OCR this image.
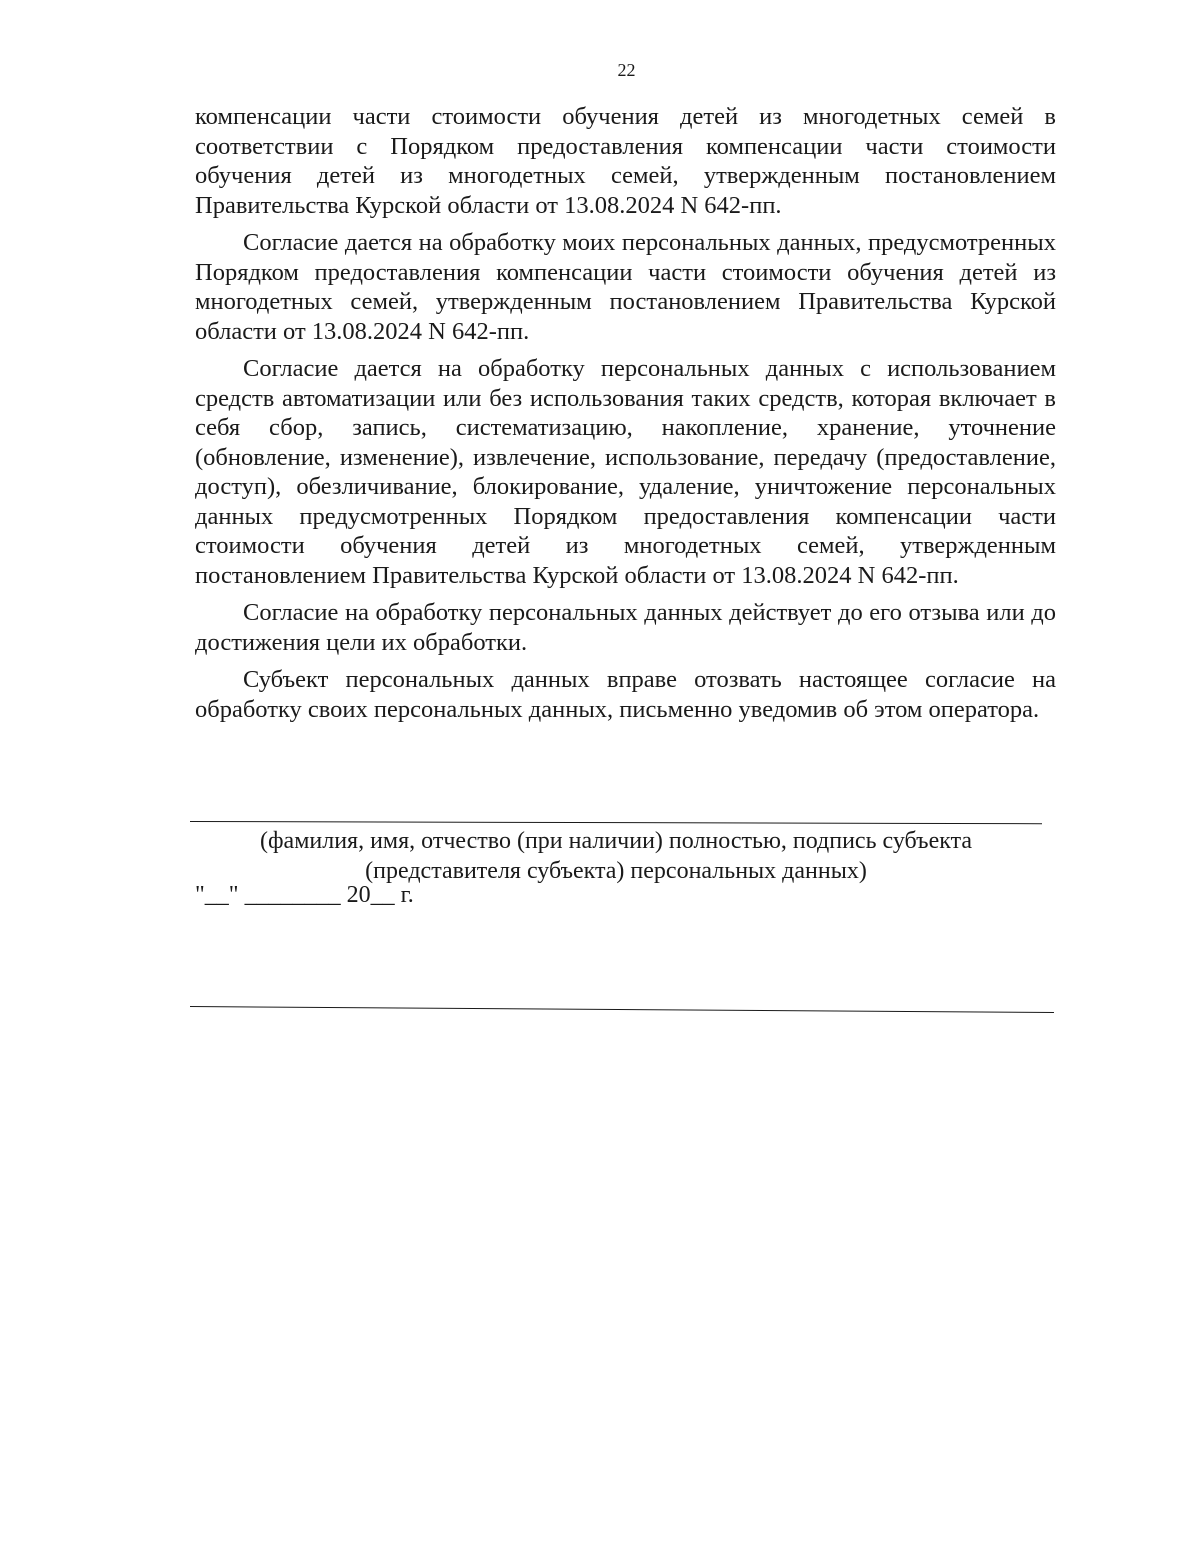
22

компенсации части стоимости обучения детей из многодетных семей в соответствии с Порядком предоставления компенсации части стоимости обучения детей из многодетных семей, утвержденным постановлением Правительства Курской области от 13.08.2024 N 642-пп.

Согласие дается на обработку моих персональных данных, предусмотренных Порядком предоставления компенсации части стоимости обучения детей из многодетных семей, утвержденным постановлением Правительства Курской области от 13.08.2024 N 642-пп.

Согласие дается на обработку персональных данных с использованием средств автоматизации или без использования таких средств, которая включает в себя сбор, запись, систематизацию, накопление, хранение, уточнение (обновление, изменение), извлечение, использование, передачу (предоставление, доступ), обезличивание, блокирование, удаление, уничтожение персональных данных предусмотренных Порядком предоставления компенсации части стоимости обучения детей из многодетных семей, утвержденным постановлением Правительства Курской области от 13.08.2024 N 642-пп.

Согласие на обработку персональных данных действует до его отзыва или до достижения цели их обработки.

Субъект персональных данных вправе отозвать настоящее согласие на обработку своих персональных данных, письменно уведомив об этом оператора.

(фамилия, имя, отчество (при наличии) полностью, подпись субъекта
(представителя субъекта) персональных данных)
"__" ________ 20__ г.
